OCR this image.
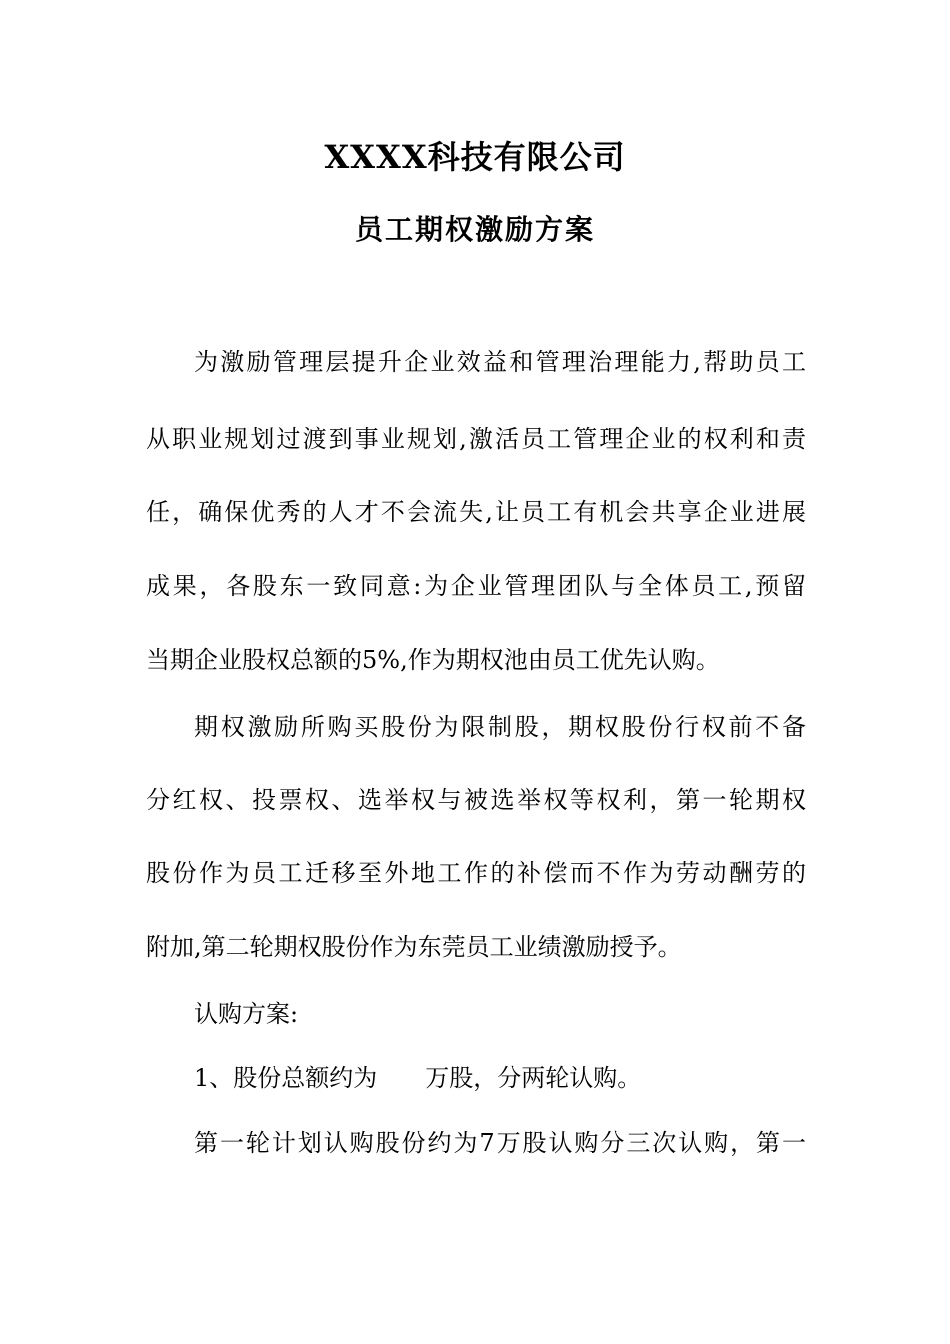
XXXX科技有限公司
员工期权激励方案
为激励管理层提升企业效益和管理治理能力,帮助员工
从职业规划过渡到事业规划,激活员工管理企业的权利和责
任，确保优秀的人才不会流失,让员工有机会共享企业进展
成果，各股东一致同意:为企业管理团队与全体员工,预留
当期企业股权总额的5%,作为期权池由员工优先认购。
期权激励所购买股份为限制股，期权股份行权前不备
分红权、投票权、选举权与被选举权等权利，第一轮期权
股份作为员工迁移至外地工作的补偿而不作为劳动酬劳的
附加,第二轮期权股份作为东莞员工业绩激励授予。
认购方案:
1、股份总额约为　　万股，分两轮认购。
第一轮计划认购股份约为7万股认购分三次认购，第一
